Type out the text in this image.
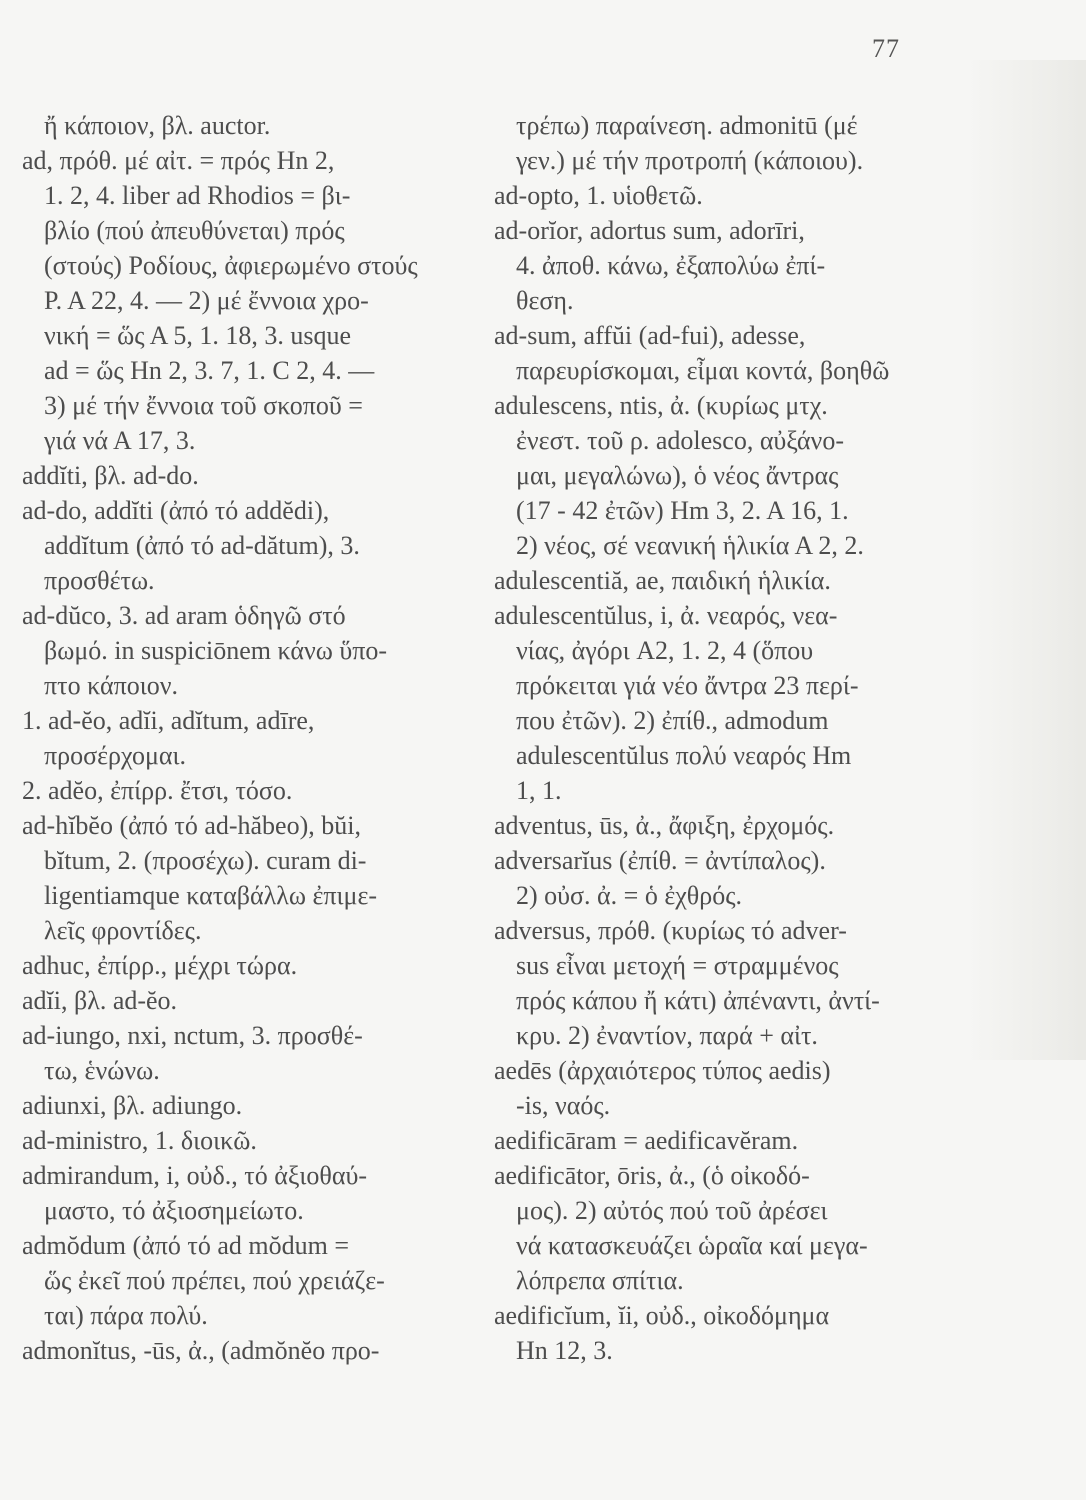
77
ἤ κάποιον, βλ. auctor.
ad, πρόθ. μέ αἰτ. = πρός Hn 2,
1. 2, 4. liber ad Rhodios = βι-
βλίο (πού ἀπευθύνεται) πρός
(στούς) Ροδίους, ἀφιερωμένο στούς
Ρ. Α 22, 4. — 2) μέ ἔννοια χρο-
νική = ὥς Α 5, 1. 18, 3. usque
ad = ὥς Hn 2, 3. 7, 1. C 2, 4. —
3) μέ τήν ἔννοια τοῦ σκοποῦ =
γιά νά Α 17, 3.
addĭti, βλ. ad-do.
ad-do, addĭti (ἀπό τό addĕdi),
addĭtum (ἀπό τό ad-dătum), 3.
προσθέτω.
ad-dŭco, 3. ad aram ὁδηγῶ στό
βωμό. in suspiciōnem κάνω ὕπο-
πτο κάποιον.
1. ad-ĕo, adĭi, adĭtum, adīre,
προσέρχομαι.
2. adĕo, ἐπίρρ. ἔτσι, τόσο.
ad-hĭbĕo (ἀπό τό ad-hăbeo), bŭi,
bĭtum, 2. (προσέχω). curam di-
ligentiamque καταβάλλω ἐπιμε-
λεῖς φροντίδες.
adhuc, ἐπίρρ., μέχρι τώρα.
adĭi, βλ. ad-ĕo.
ad-iungo, nxi, nctum, 3. προσθέ-
τω, ἑνώνω.
adiunxi, βλ. adiungo.
ad-ministro, 1. διοικῶ.
admirandum, i, οὐδ., τό ἀξιοθαύ-
μαστο, τό ἀξιοσημείωτο.
admŏdum (ἀπό τό ad mŏdum =
ὥς ἐκεῖ πού πρέπει, πού χρειάζε-
ται) πάρα πολύ.
admonĭtus, -ūs, ἀ., (admŏnĕo προ-
τρέπω) παραίνεση. admonitū (μέ
γεν.) μέ τήν προτροπή (κάποιου).
ad-opto, 1. υἱοθετῶ.
ad-orĭor, adortus sum, adorīri,
4. ἀποθ. κάνω, ἐξαπολύω ἐπί-
θεση.
ad-sum, affŭi (ad-fui), adesse,
παρευρίσκομαι, εἶμαι κοντά, βοηθῶ
adulescens, ntis, ἀ. (κυρίως μτχ.
ἐνεστ. τοῦ ρ. adolesco, αὐξάνο-
μαι, μεγαλώνω), ὁ νέος ἄντρας
(17 - 42 ἐτῶν) Hm 3, 2. A 16, 1.
2) νέος, σέ νεανική ἡλικία Α 2, 2.
adulescentiă, ae, παιδική ἡλικία.
adulescentŭlus, i, ἀ. νεαρός, νεα-
νίας, ἀγόρι A2, 1. 2, 4 (ὅπου
πρόκειται γιά νέο ἄντρα 23 περί-
που ἐτῶν). 2) ἐπίθ., admodum
adulescentŭlus πολύ νεαρός Hm
1, 1.
adventus, ūs, ἀ., ἄφιξη, ἐρχομός.
adversarĭus (ἐπίθ. = ἀντίπαλος).
2) οὐσ. ἀ. = ὁ ἐχθρός.
adversus, πρόθ. (κυρίως τό adver-
sus εἶναι μετοχή = στραμμένος
πρός κάπου ἤ κάτι) ἀπέναντι, ἀντί-
κρυ. 2) ἐναντίον, παρά + αἰτ.
aedēs (ἀρχαιότερος τύπος aedis)
-is, ναός.
aedificāram = aedificavĕram.
aedificātor, ōris, ἀ., (ὁ οἰκοδό-
μος). 2) αὐτός πού τοῦ ἀρέσει
νά κατασκευάζει ὡραῖα καί μεγα-
λόπρεπα σπίτια.
aedificĭum, ĭi, οὐδ., οἰκοδόμημα
Hn 12, 3.
